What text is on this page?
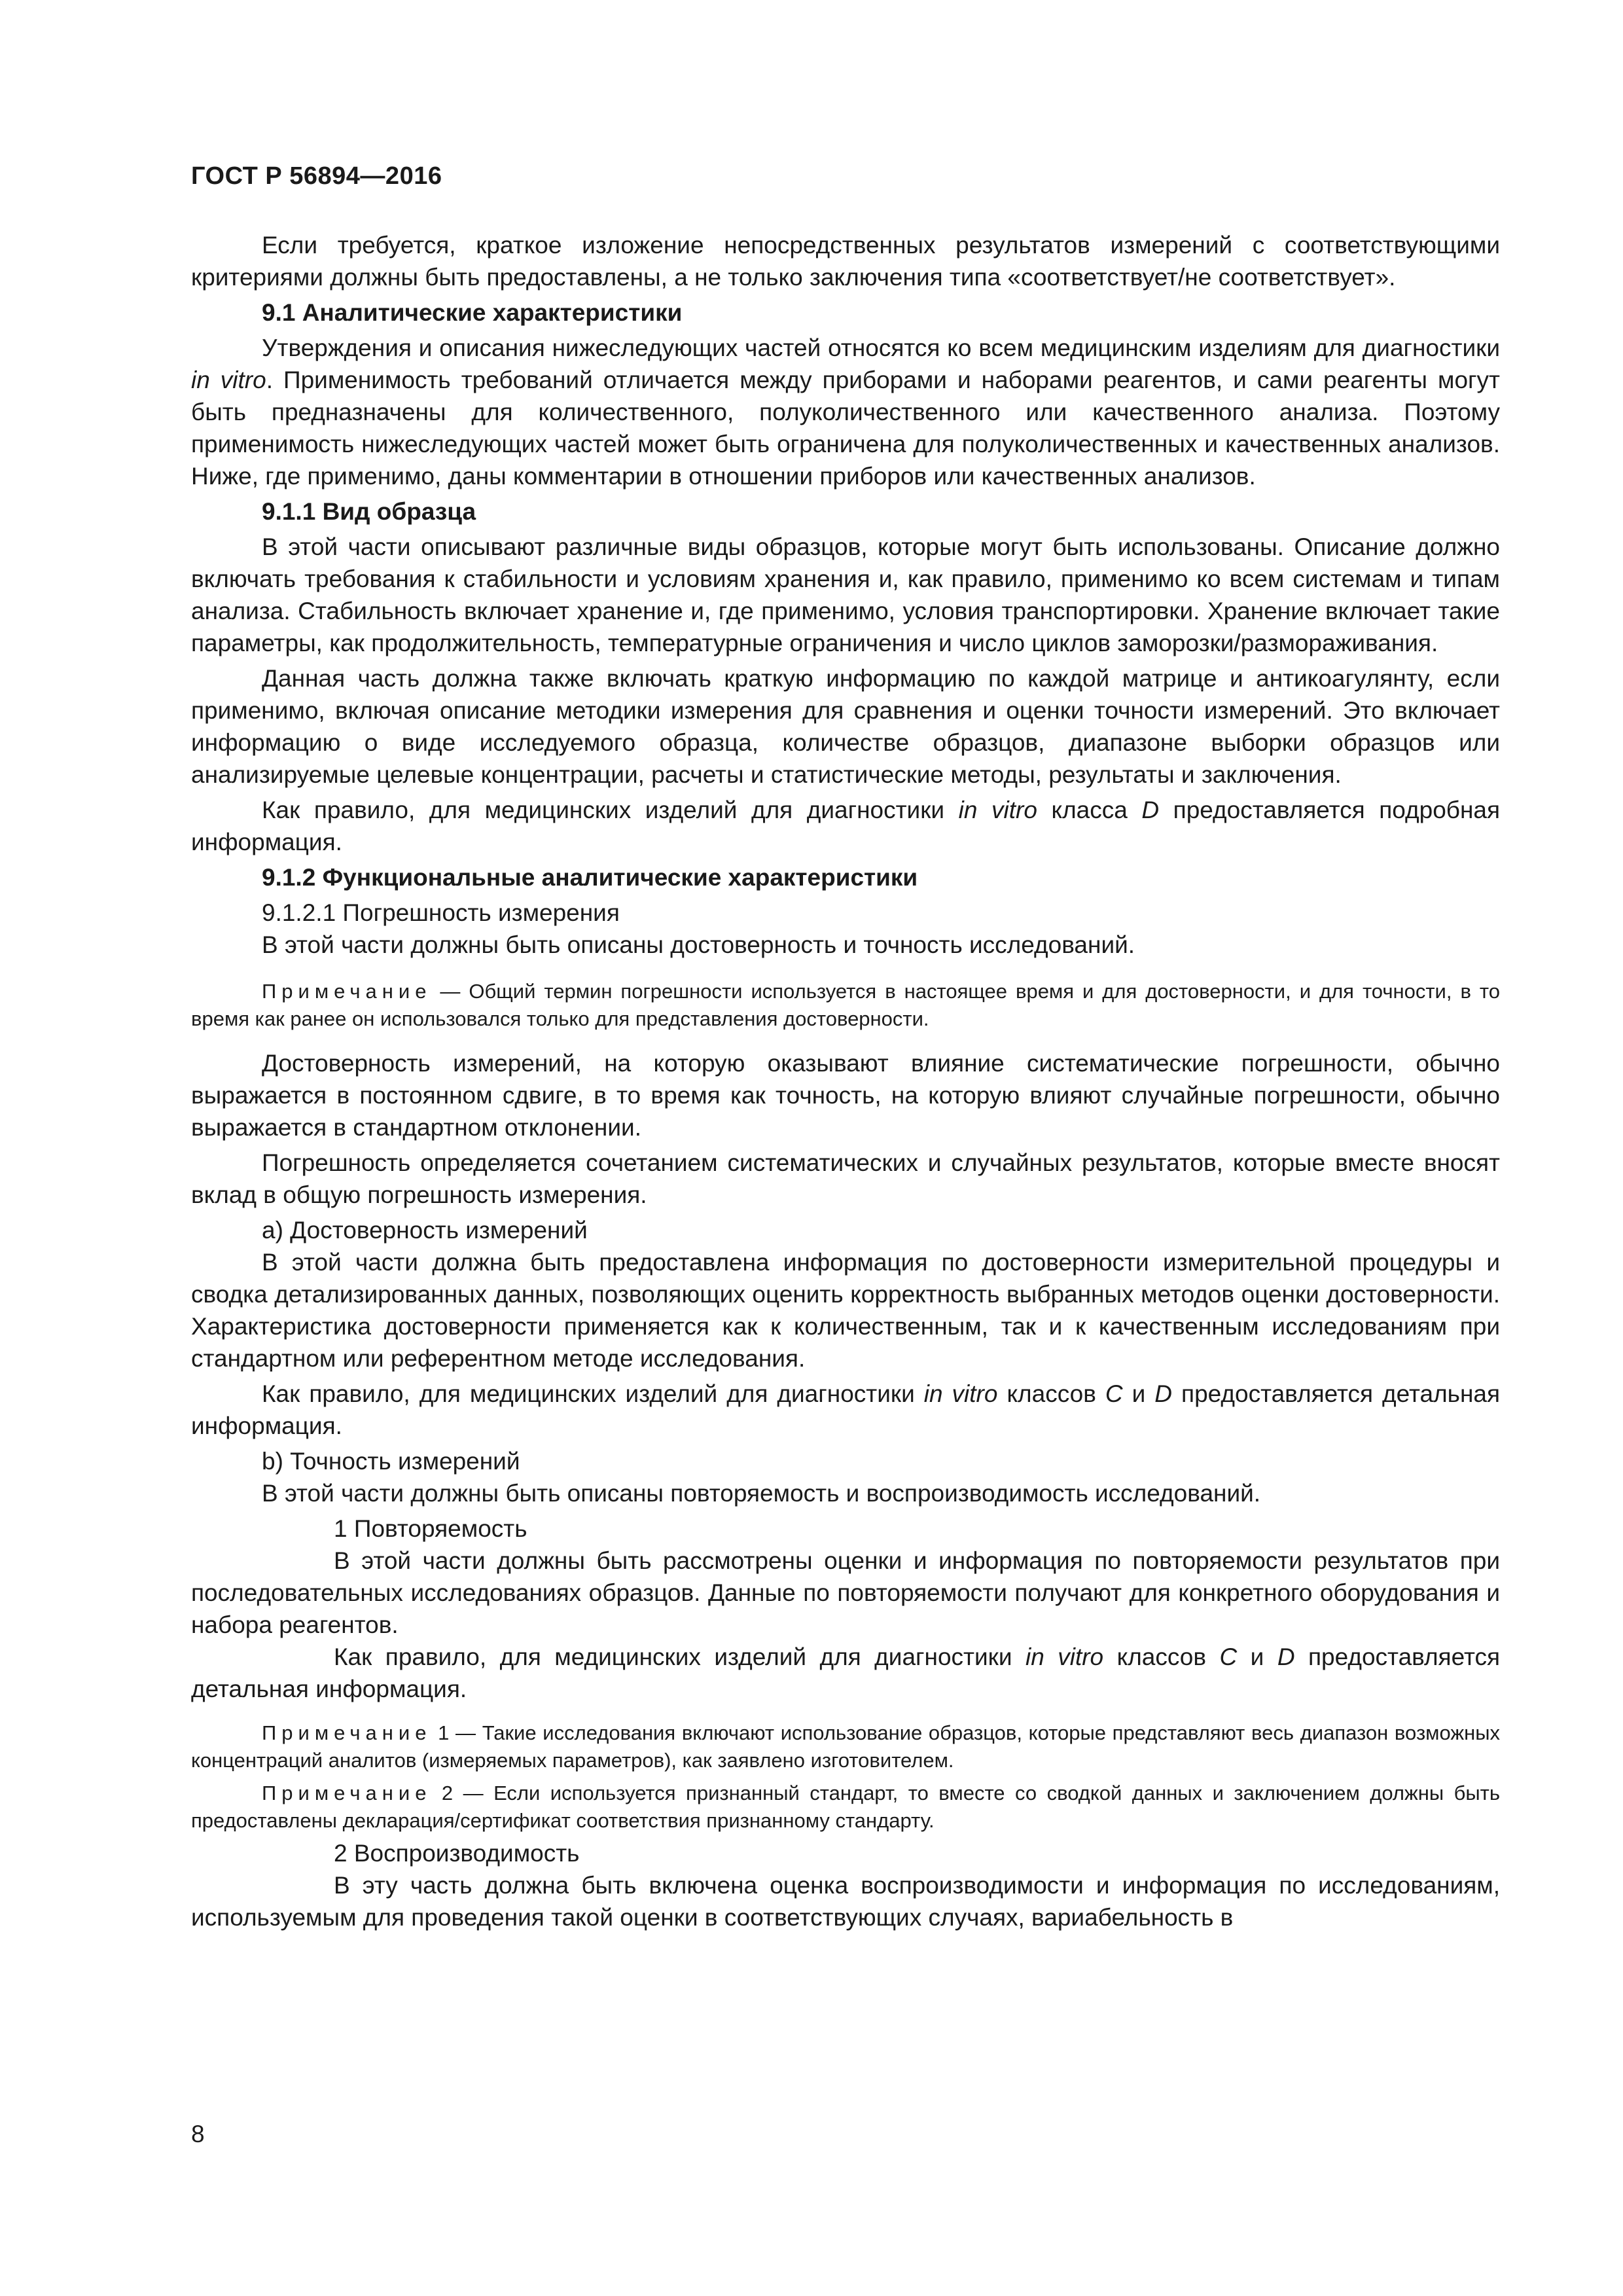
ГОСТ Р 56894—2016

Если требуется, краткое изложение непосредственных результатов измерений с соответствующими критериями должны быть предоставлены, а не только заключения типа «соответствует/не соответствует».

9.1 Аналитические характеристики

Утверждения и описания нижеследующих частей относятся ко всем медицинским изделиям для диагностики in vitro. Применимость требований отличается между приборами и наборами реагентов, и сами реагенты могут быть предназначены для количественного, полуколичественного или качественного анализа. Поэтому применимость нижеследующих частей может быть ограничена для полуколичественных и качественных анализов. Ниже, где применимо, даны комментарии в отношении приборов или качественных анализов.

9.1.1 Вид образца

В этой части описывают различные виды образцов, которые могут быть использованы. Описание должно включать требования к стабильности и условиям хранения и, как правило, применимо ко всем системам и типам анализа. Стабильность включает хранение и, где применимо, условия транспортировки. Хранение включает такие параметры, как продолжительность, температурные ограничения и число циклов заморозки/размораживания.

Данная часть должна также включать краткую информацию по каждой матрице и антикоагулянту, если применимо, включая описание методики измерения для сравнения и оценки точности измерений. Это включает информацию о виде исследуемого образца, количестве образцов, диапазоне выборки образцов или анализируемые целевые концентрации, расчеты и статистические методы, результаты и заключения.

Как правило, для медицинских изделий для диагностики in vitro класса D предоставляется подробная информация.

9.1.2 Функциональные аналитические характеристики
9.1.2.1 Погрешность измерения

В этой части должны быть описаны достоверность и точность исследований.

Примечание — Общий термин погрешности используется в настоящее время и для достоверности, и для точности, в то время как ранее он использовался только для представления достоверности.

Достоверность измерений, на которую оказывают влияние систематические погрешности, обычно выражается в постоянном сдвиге, в то время как точность, на которую влияют случайные погрешности, обычно выражается в стандартном отклонении.

Погрешность определяется сочетанием систематических и случайных результатов, которые вместе вносят вклад в общую погрешность измерения.

а) Достоверность измерений

В этой части должна быть предоставлена информация по достоверности измерительной процедуры и сводка детализированных данных, позволяющих оценить корректность выбранных методов оценки достоверности. Характеристика достоверности применяется как к количественным, так и к качественным исследованиям при стандартном или референтном методе исследования.

Как правило, для медицинских изделий для диагностики in vitro классов C и D предоставляется детальная информация.

b) Точность измерений

В этой части должны быть описаны повторяемость и воспроизводимость исследований.

1 Повторяемость

В этой части должны быть рассмотрены оценки и информация по повторяемости результатов при последовательных исследованиях образцов. Данные по повторяемости получают для конкретного оборудования и набора реагентов.

Как правило, для медицинских изделий для диагностики in vitro классов C и D предоставляется детальная информация.

Примечание 1 — Такие исследования включают использование образцов, которые представляют весь диапазон возможных концентраций аналитов (измеряемых параметров), как заявлено изготовителем.

Примечание 2 — Если используется признанный стандарт, то вместе со сводкой данных и заключением должны быть предоставлены декларация/сертификат соответствия признанному стандарту.

2 Воспроизводимость

В эту часть должна быть включена оценка воспроизводимости и информация по исследованиям, используемым для проведения такой оценки в соответствующих случаях, вариабельность в

8
